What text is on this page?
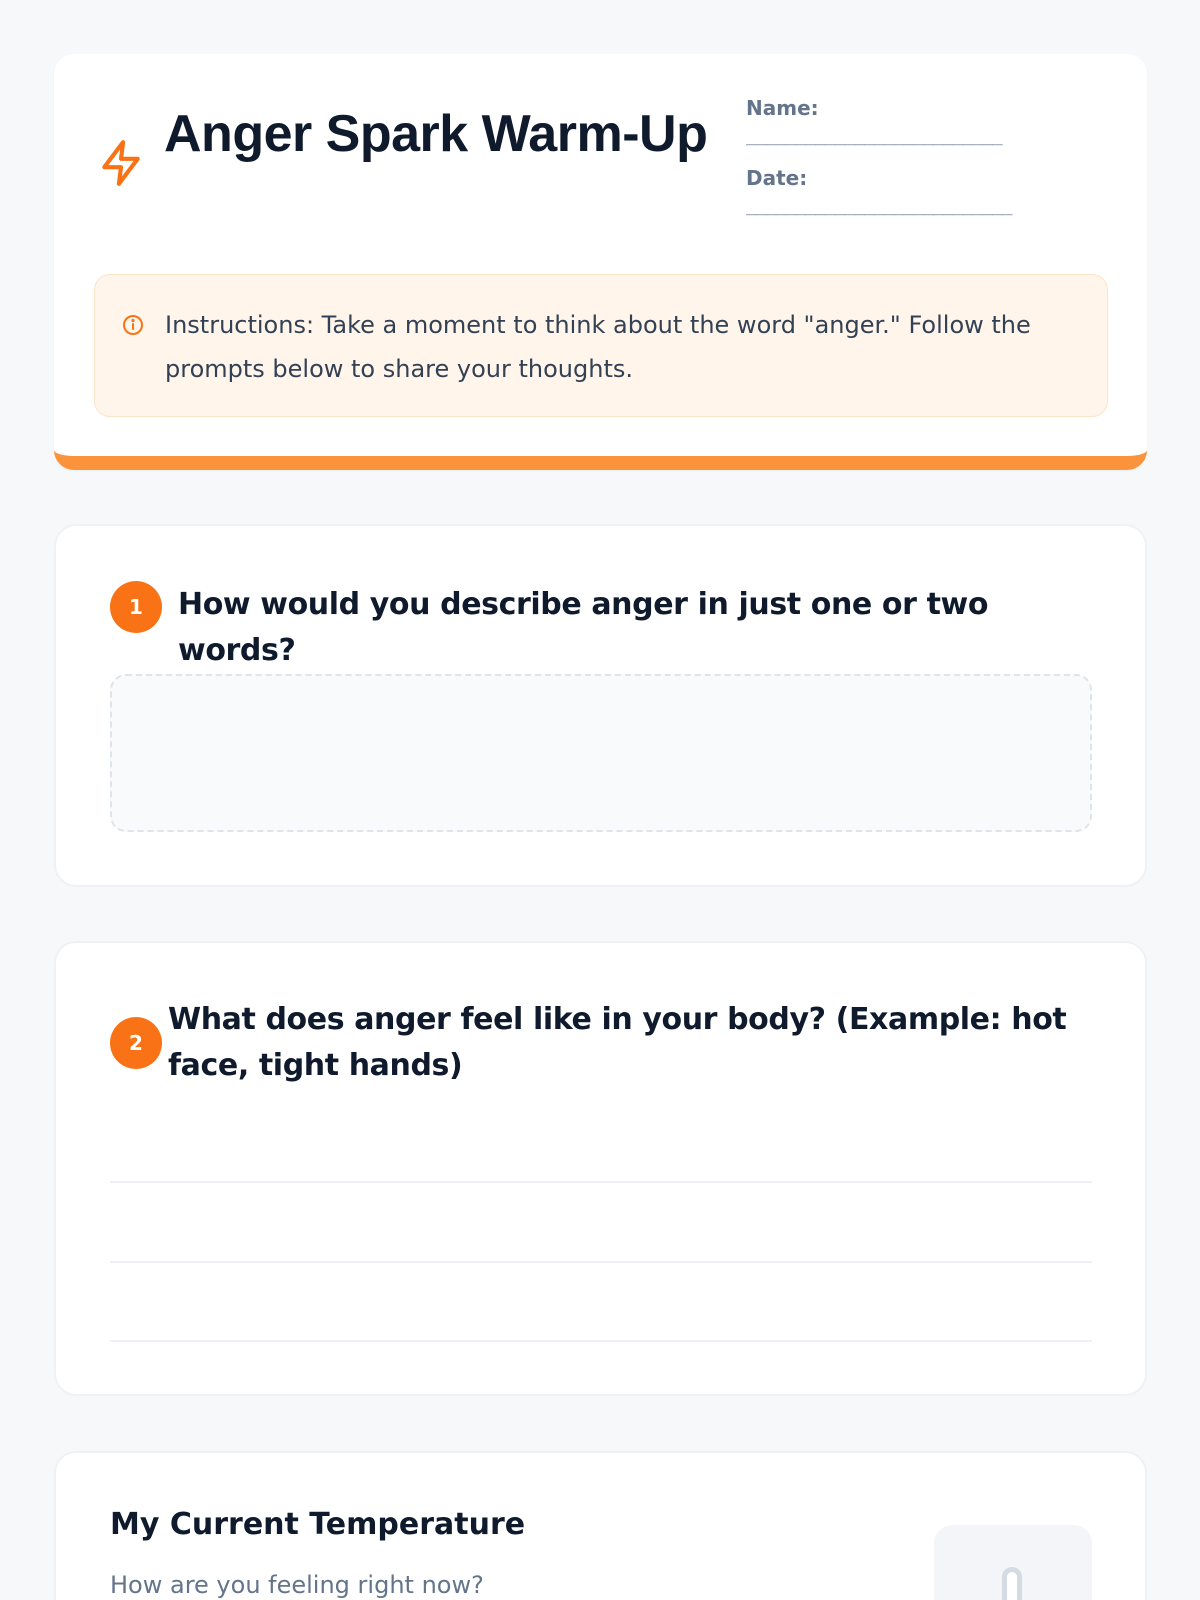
Anger Spark Warm-Up	Name:
__________________________
Date:
___________________________

Instructions: Take a moment to think about the word "anger." Follow the prompts below to share your thoughts.

1	How would you describe anger in just one or two words?
2
What does anger feel like in your body? (Example: hot face, tight hands)
My Current Temperature
How are you feeling right now?
